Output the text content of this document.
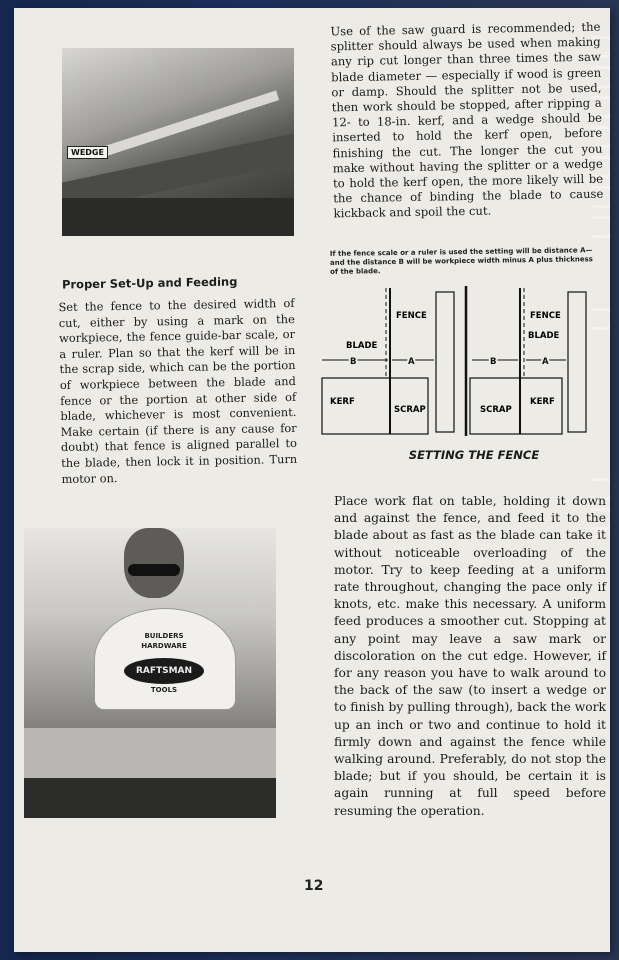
WEDGE
Use of the saw guard is recommended; the splitter should always be used when making any rip cut longer than three times the saw blade diameter — especially if wood is green or damp. Should the splitter not be used, then work should be stopped, after ripping a 12- to 18-in. kerf, and a wedge should be inserted to hold the kerf open, before finishing the cut. The longer the cut you make without having the splitter or a wedge to hold the kerf open, the more likely will be the chance of binding the blade to cause kickback and spoil the cut.
Proper Set-Up and Feeding
Set the fence to the desired width of cut, either by using a mark on the workpiece, the fence guide-bar scale, or a ruler. Plan so that the kerf will be in the scrap side, which can be the portion of workpiece between the blade and fence or the portion at other side of blade, whichever is most convenient. Make certain (if there is any cause for doubt) that fence is aligned parallel to the blade, then lock it in position. Turn motor on.
If the fence scale or a ruler is used the setting will be distance A— and the distance B will be workpiece width minus A plus thickness of the blade.
FENCE
BLADE
B	A
KERF
SCRAP
FENCE
BLADE
B	A
SCRAP
KERF
SETTING THE FENCE
BUILDERS
HARDWARE
RAFTSMAN
TOOLS
Place work flat on table, holding it down and against the fence, and feed it to the blade about as fast as the blade can take it without noticeable overloading of the motor. Try to keep feeding at a uniform rate throughout, changing the pace only if knots, etc. make this necessary. A uniform feed produces a smoother cut. Stopping at any point may leave a saw mark or discoloration on the cut edge. However, if for any reason you have to walk around to the back of the saw (to insert a wedge or to finish by pulling through), back the work up an inch or two and continue to hold it firmly down and against the fence while walking around. Preferably, do not stop the blade; but if you should, be certain it is again running at full speed before resuming the operation.
12
